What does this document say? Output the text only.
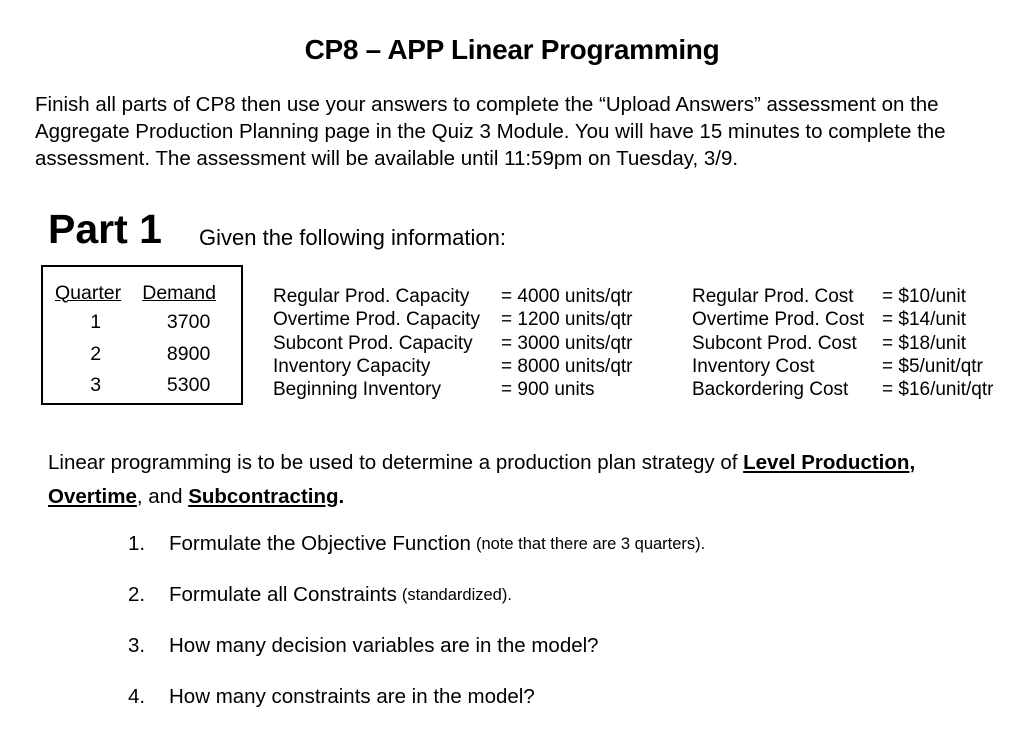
CP8 – APP Linear Programming
Finish all parts of CP8 then use your answers to complete the “Upload Answers” assessment on the Aggregate Production Planning page in the Quiz 3 Module. You will have 15 minutes to complete the assessment. The assessment will be available until 11:59pm on Tuesday, 3/9.
Part 1 Given the following information:
Quarter	Demand
1	3700
2	8900
3	5300
Regular Prod. Capacity	= 4000 units/qtr
Overtime Prod. Capacity	= 1200 units/qtr
Subcont Prod. Capacity	= 3000 units/qtr
Inventory Capacity	= 8000 units/qtr
Beginning Inventory	= 900 units
Regular Prod. Cost	= $10/unit
Overtime Prod. Cost = $14/unit
Subcont Prod. Cost	= $18/unit
Inventory Cost	= $5/unit/qtr
Backordering Cost	= $16/unit/qtr
Linear programming is to be used to determine a production plan strategy of Level Production,
Overtime, and Subcontracting.
1.	Formulate the Objective Function (note that there are 3 quarters).
2.	Formulate all Constraints (standardized).
3.	How many decision variables are in the model?
4.	How many constraints are in the model?
